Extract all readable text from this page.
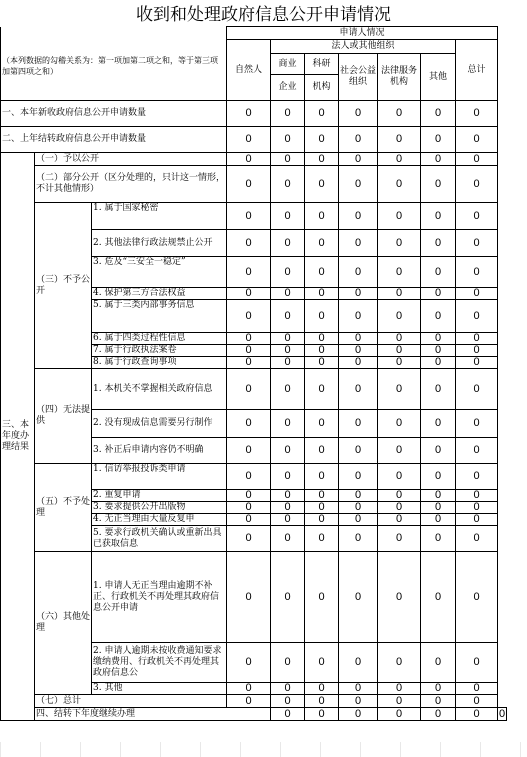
收到和处理政府信息公开申请情况
（本列数据的勾稽关系为：第一项加第二项之和，等于第三项加第四项之和）			申请人情况							
			自然人	法人或其他组织					总计	
				商业	科研	社会公益组织	法律服务机构	其他		
				企业	机构					
一、本年新收政府信息公开申请数量			0	0	0	0	0	0	0	
二、上年结转政府信息公开申请数量			0	0	0	0	0	0	0	
三、本年度办理结果	（一）予以公开		0	0	0	0	0	0	0	
	（二）部分公开（区分处理的，只计这一情形，不计其他情形）		0	0	0	0	0	0	0	
	（三）不予公开	1. 属于国家秘密	0	0	0	0	0	0	0	
		2. 其他法律行政法规禁止公开	0	0	0	0	0	0	0	
		3. 危及“三安全一稳定”	0	0	0	0	0	0	0	
		4. 保护第三方合法权益	0	0	0	0	0	0	0	
		5. 属于三类内部事务信息	0	0	0	0	0	0	0	
		6. 属于四类过程性信息	0	0	0	0	0	0	0	
		7. 属于行政执法案卷	0	0	0	0	0	0	0	
		8. 属于行政查询事项	0	0	0	0	0	0	0	
	（四）无法提供	1. 本机关不掌握相关政府信息	0	0	0	0	0	0	0	
		2. 没有现成信息需要另行制作	0	0	0	0	0	0	0	
		3. 补正后申请内容仍不明确	0	0	0	0	0	0	0	
	（五）不予处理	1. 信访举报投诉类申请	0	0	0	0	0	0	0	
		2. 重复申请	0	0	0	0	0	0	0	
		3. 要求提供公开出版物	0	0	0	0	0	0	0	
		4. 无正当理由大量反复申	0	0	0	0	0	0	0	
		5. 要求行政机关确认或重新出具已获取信息	0	0	0	0	0	0	0	
	（六）其他处理	1. 申请人无正当理由逾期不补正、行政机关不再处理其政府信息公开申请	0	0	0	0	0	0	0	
		2. 申请人逾期未按收费通知要求缴纳费用、行政机关不再处理其政府信息公	0	0	0	0	0	0	0	
		3. 其他	0	0	0	0	0	0	0	
	（七）总计		0	0	0	0	0	0	0	
	四、结转下年度继续办理			0	0	0	0	0	0	0
